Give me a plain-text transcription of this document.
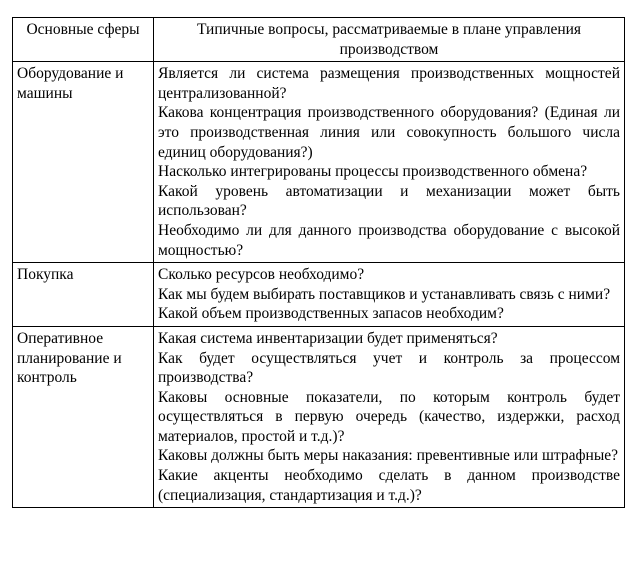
Основные сферы	Типичные вопросы, рассматриваемые в плане управления производством
Оборудование и машины	Является ли система размещения производственных мощностей централизованной?
Какова концентрация производственного оборудования? (Единая ли это производственная линия или совокупность большого числа единиц оборудования?)
Насколько интегрированы процессы производственного обмена?
Какой уровень автоматизации и механизации может быть использован?
Необходимо ли для данного производства оборудование с высокой мощностью?

Покупка	Сколько ресурсов необходимо?
Как мы будем выбирать поставщиков и устанавливать связь с ними?
Какой объем производственных запасов необходим?

Оперативное планирование и контроль	Какая система инвентаризации будет применяться?
Как будет осуществляться учет и контроль за процессом производства?
Каковы основные показатели, по которым контроль будет осуществляться в первую очередь (качество, издержки, расход материалов, простой и т.д.)?
Каковы должны быть меры наказания: превентивные или штрафные?
Какие акценты необходимо сделать в данном производстве (специализация, стандартизация и т.д.)?
